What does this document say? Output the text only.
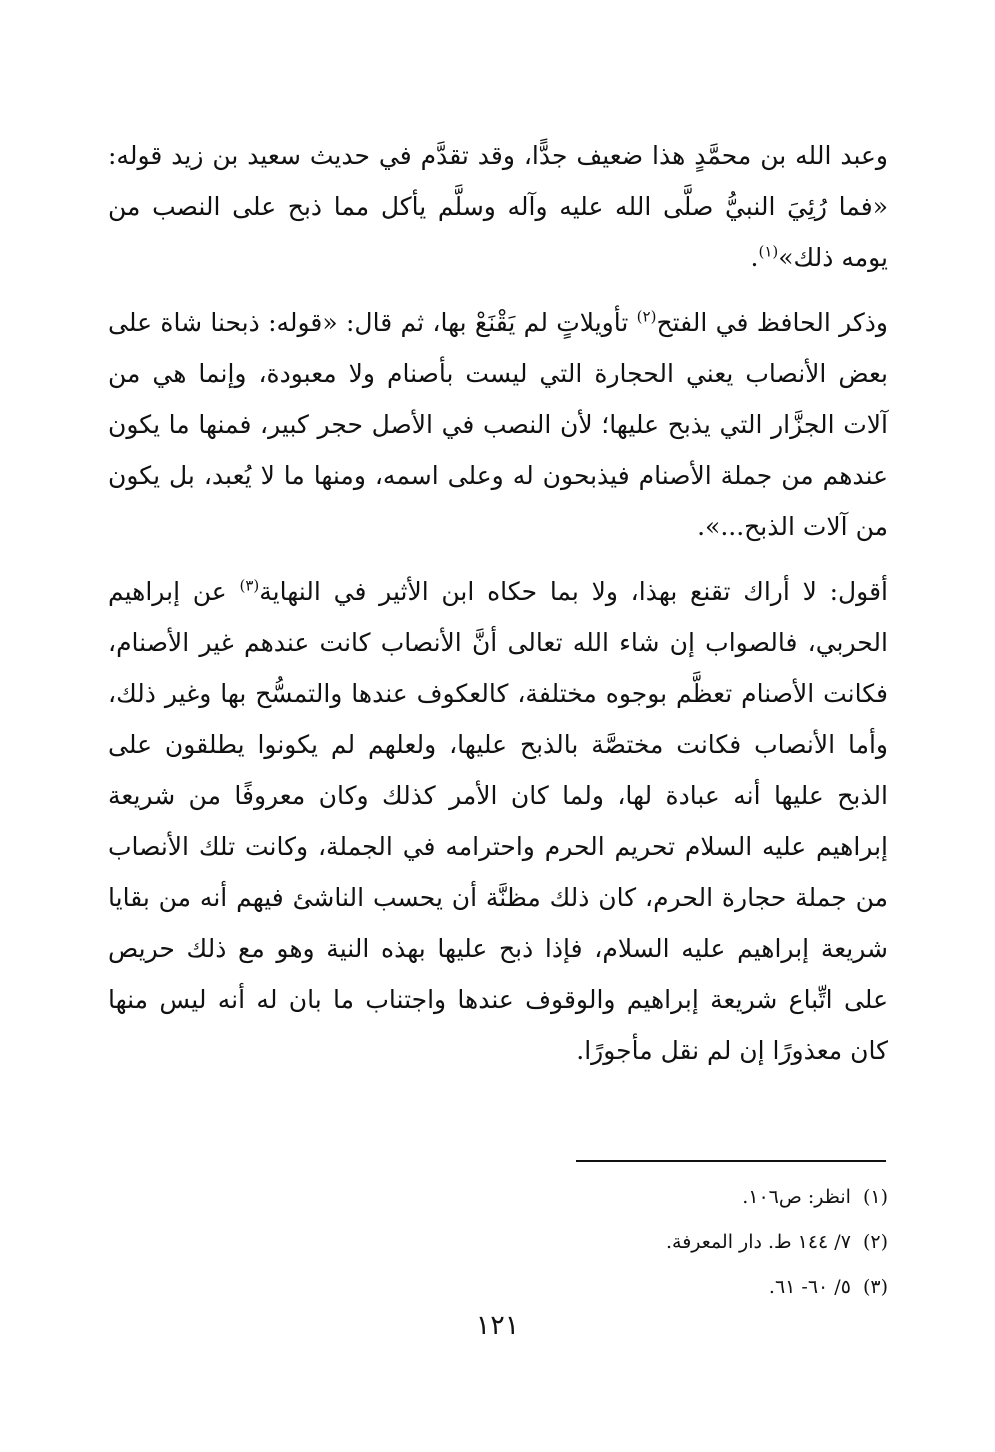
وعبد الله بن محمَّدٍ هذا ضعيف جدًّا، وقد تقدَّم في حديث سعيد بن زيد قوله: «فما رُئِيَ النبيُّ صلَّى الله عليه وآله وسلَّم يأكل مما ذبح على النصب من يومه ذلك»$^{(١)}$.

وذكر الحافظ في الفتح$^{(٢)}$ تأويلاتٍ لم يَقْنَعْ بها، ثم قال: «قوله: ذبحنا شاة على بعض الأنصاب يعني الحجارة التي ليست بأصنام ولا معبودة، وإنما هي من آلات الجزَّار التي يذبح عليها؛ لأن النصب في الأصل حجر كبير، فمنها ما يكون عندهم من جملة الأصنام فيذبحون له وعلى اسمه، ومنها ما لا يُعبد، بل يكون من آلات الذبح...».

أقول: لا أراك تقنع بهذا، ولا بما حكاه ابن الأثير في النهاية$^{(٣)}$ عن إبراهيم الحربي، فالصواب إن شاء الله تعالى أنَّ الأنصاب كانت عندهم غير الأصنام، فكانت الأصنام تعظَّم بوجوه مختلفة، كالعكوف عندها والتمسُّح بها وغير ذلك، وأما الأنصاب فكانت مختصَّة بالذبح عليها، ولعلهم لم يكونوا يطلقون على الذبح عليها أنه عبادة لها، ولما كان الأمر كذلك وكان معروفًا من شريعة إبراهيم عليه السلام تحريم الحرم واحترامه في الجملة، وكانت تلك الأنصاب من جملة حجارة الحرم، كان ذلك مظنَّة أن يحسب الناشئ فيهم أنه من بقايا شريعة إبراهيم عليه السلام، فإذا ذبح عليها بهذه النية وهو مع ذلك حريص على اتِّباع شريعة إبراهيم والوقوف عندها واجتناب ما بان له أنه ليس منها كان معذورًا إن لم نقل مأجورًا.

(١)انظر: ص١٠٦.

(٢)٧/ ١٤٤ ط. دار المعرفة.

(٣)٥/ ٦٠- ٦١.

١٢١
